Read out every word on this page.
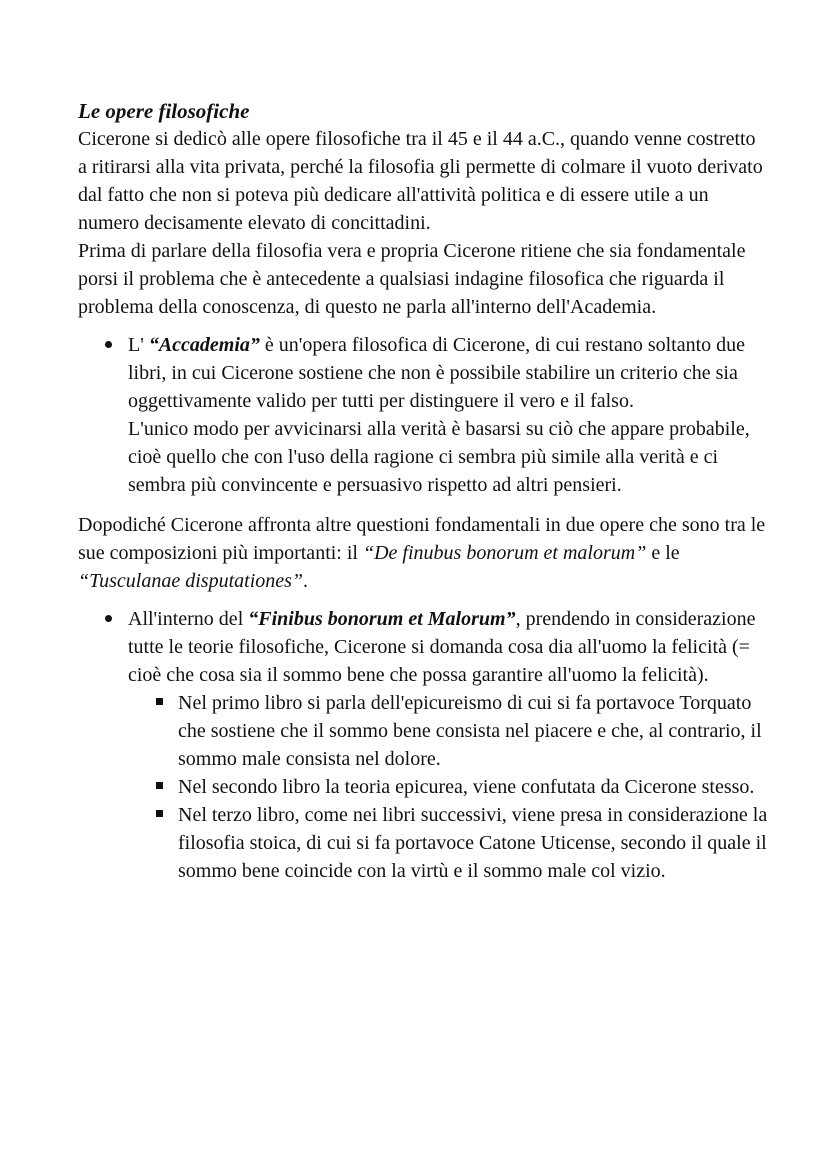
Le opere filosofiche

Cicerone si dedicò alle opere filosofiche tra il 45 e il 44 a.C., quando venne costretto a ritirarsi alla vita privata, perché la filosofia gli permette di colmare il vuoto derivato dal fatto che non si poteva più dedicare all'attività politica e di essere utile a un numero decisamente elevato di concittadini.

Prima di parlare della filosofia vera e propria Cicerone ritiene che sia fondamentale porsi il problema che è antecedente a qualsiasi indagine filosofica che riguarda il problema della conoscenza, di questo ne parla all'interno dell'Academia.

L' “Accademia” è un'opera filosofica di Cicerone, di cui restano soltanto due libri, in cui Cicerone sostiene che non è possibile stabilire un criterio che sia oggettivamente valido per tutti per distinguere il vero e il falso.

L'unico modo per avvicinarsi alla verità è basarsi su ciò che appare probabile, cioè quello che con l'uso della ragione ci sembra più simile alla verità e ci sembra più convincente e persuasivo rispetto ad altri pensieri.

Dopodiché Cicerone affronta altre questioni fondamentali in due opere che sono tra le sue composizioni più importanti: il “De finubus bonorum et malorum” e le “Tusculanae disputationes”.

All'interno del “Finibus bonorum et Malorum”, prendendo in considerazione tutte le teorie filosofiche, Cicerone si domanda cosa dia all'uomo la felicità (= cioè che cosa sia il sommo bene che possa garantire all'uomo la felicità).
Nel primo libro si parla dell'epicureismo di cui si fa portavoce Torquato che sostiene che il sommo bene consista nel piacere e che, al contrario, il sommo male consista nel dolore.
Nel secondo libro la teoria epicurea, viene confutata da Cicerone stesso.
Nel terzo libro, come nei libri successivi, viene presa in considerazione la filosofia stoica, di cui si fa portavoce Catone Uticense, secondo il quale il sommo bene coincide con la virtù e il sommo male col vizio.
